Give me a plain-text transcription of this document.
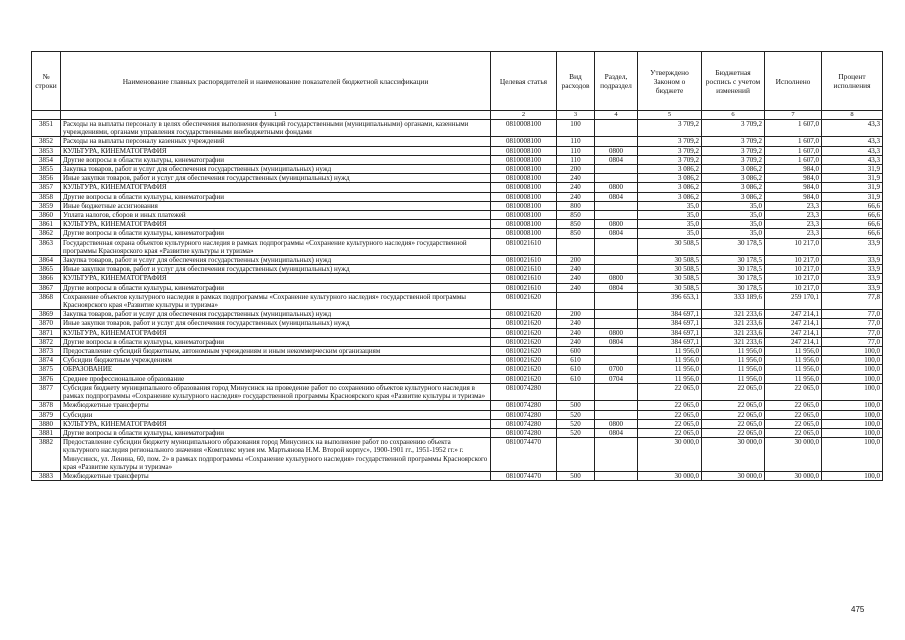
№ строки	Наименование главных распорядителей и наименование показателей бюджетной классификации	Целевая статья	Вид расходов	Раздел, подраздел	Утверждено Законом о бюджете	Бюджетная роспись с учетом изменений	Исполнено	Процент исполнения
	1	2	3	4	5	6	7	8
3851	Расходы на выплаты персоналу в целях обеспечения выполнения функций государственными (муниципальными) органами, казенными учреждениями, органами управления государственными внебюджетными фондами	0810008100	100		3 709,2	3 709,2	1 607,0	43,3
3852	Расходы на выплаты персоналу казенных учреждений	0810008100	110		3 709,2	3 709,2	1 607,0	43,3
3853	КУЛЬТУРА, КИНЕМАТОГРАФИЯ	0810008100	110	0800	3 709,2	3 709,2	1 607,0	43,3
3854	Другие вопросы в области культуры, кинематографии	0810008100	110	0804	3 709,2	3 709,2	1 607,0	43,3
3855	Закупка товаров, работ и услуг для обеспечения государственных (муниципальных) нужд	0810008100	200		3 086,2	3 086,2	984,0	31,9
3856	Иные закупки товаров, работ и услуг для обеспечения государственных (муниципальных) нужд	0810008100	240		3 086,2	3 086,2	984,0	31,9
3857	КУЛЬТУРА, КИНЕМАТОГРАФИЯ	0810008100	240	0800	3 086,2	3 086,2	984,0	31,9
3858	Другие вопросы в области культуры, кинематографии	0810008100	240	0804	3 086,2	3 086,2	984,0	31,9
3859	Иные бюджетные ассигнования	0810008100	800		35,0	35,0	23,3	66,6
3860	Уплата налогов, сборов и иных платежей	0810008100	850		35,0	35,0	23,3	66,6
3861	КУЛЬТУРА, КИНЕМАТОГРАФИЯ	0810008100	850	0800	35,0	35,0	23,3	66,6
3862	Другие вопросы в области культуры, кинематографии	0810008100	850	0804	35,0	35,0	23,3	66,6
3863	Государственная охрана объектов культурного наследия в рамках подпрограммы «Сохранение культурного наследия» государственной программы Красноярского края «Развитие культуры и туризма»	0810021610			30 508,5	30 178,5	10 217,0	33,9
3864	Закупка товаров, работ и услуг для обеспечения государственных (муниципальных) нужд	0810021610	200		30 508,5	30 178,5	10 217,0	33,9
3865	Иные закупки товаров, работ и услуг для обеспечения государственных (муниципальных) нужд	0810021610	240		30 508,5	30 178,5	10 217,0	33,9
3866	КУЛЬТУРА, КИНЕМАТОГРАФИЯ	0810021610	240	0800	30 508,5	30 178,5	10 217,0	33,9
3867	Другие вопросы в области культуры, кинематографии	0810021610	240	0804	30 508,5	30 178,5	10 217,0	33,9
3868	Сохранение объектов культурного наследия в рамках подпрограммы «Сохранение культурного наследия» государственной программы Красноярского края «Развитие культуры и туризма»	0810021620			396 653,1	333 189,6	259 170,1	77,8
3869	Закупка товаров, работ и услуг для обеспечения государственных (муниципальных) нужд	0810021620	200		384 697,1	321 233,6	247 214,1	77,0
3870	Иные закупки товаров, работ и услуг для обеспечения государственных (муниципальных) нужд	0810021620	240		384 697,1	321 233,6	247 214,1	77,0
3871	КУЛЬТУРА, КИНЕМАТОГРАФИЯ	0810021620	240	0800	384 697,1	321 233,6	247 214,1	77,0
3872	Другие вопросы в области культуры, кинематографии	0810021620	240	0804	384 697,1	321 233,6	247 214,1	77,0
3873	Предоставление субсидий бюджетным, автономным учреждениям и иным некоммерческим организациям	0810021620	600		11 956,0	11 956,0	11 956,0	100,0
3874	Субсидии бюджетным учреждениям	0810021620	610		11 956,0	11 956,0	11 956,0	100,0
3875	ОБРАЗОВАНИЕ	0810021620	610	0700	11 956,0	11 956,0	11 956,0	100,0
3876	Среднее профессиональное образование	0810021620	610	0704	11 956,0	11 956,0	11 956,0	100,0
3877	Субсидия бюджету муниципального образования город Минусинск на проведение работ по сохранению объектов культурного наследия в рамках подпрограммы «Сохранение культурного наследия» государственной программы Красноярского края «Развитие культуры и туризма»	0810074280			22 065,0	22 065,0	22 065,0	100,0
3878	Межбюджетные трансферты	0810074280	500		22 065,0	22 065,0	22 065,0	100,0
3879	Субсидии	0810074280	520		22 065,0	22 065,0	22 065,0	100,0
3880	КУЛЬТУРА, КИНЕМАТОГРАФИЯ	0810074280	520	0800	22 065,0	22 065,0	22 065,0	100,0
3881	Другие вопросы в области культуры, кинематографии	0810074280	520	0804	22 065,0	22 065,0	22 065,0	100,0
3882	Предоставление субсидии бюджету муниципального образования город Минусинск на выполнение работ по сохранению объекта культурного наследия регионального значения «Комплекс музея им. Мартьянова Н.М. Второй корпус», 1900-1901 гг., 1951-1952 гг.» г. Минусинск, ул. Ленина, 60, пом. 2» в рамках подпрограммы «Сохранение культурного наследия» государственной программы Красноярского края «Развитие культуры и туризма»	0810074470			30 000,0	30 000,0	30 000,0	100,0
3883	Межбюджетные трансферты	0810074470	500		30 000,0	30 000,0	30 000,0	100,0
475
